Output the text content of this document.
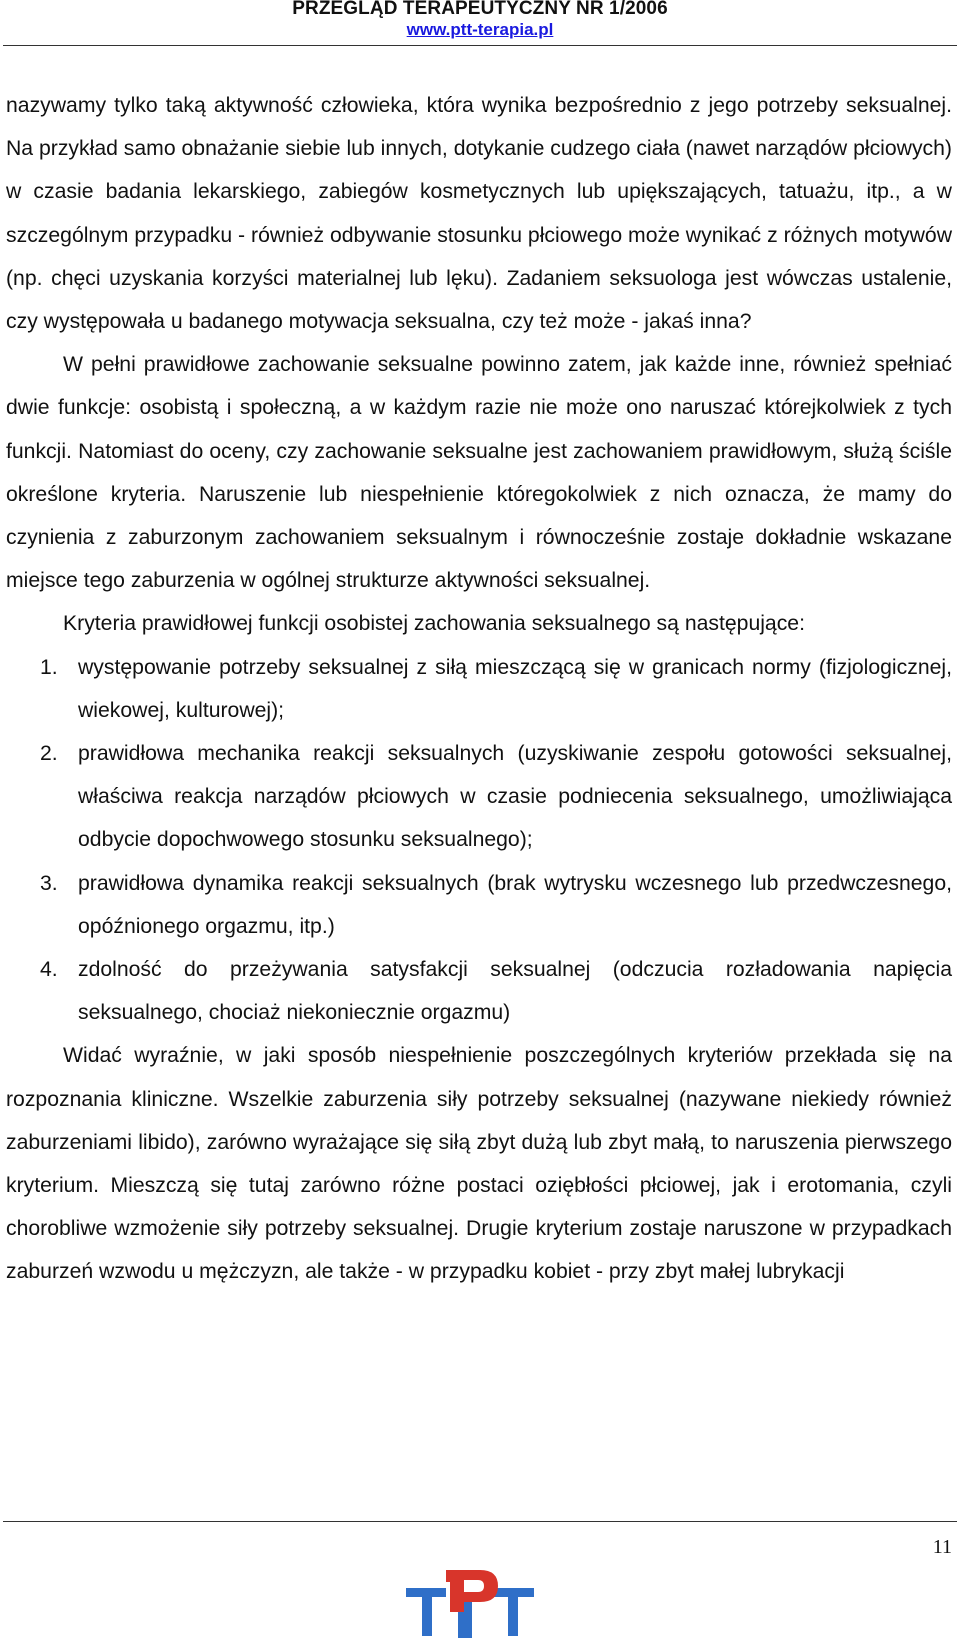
PRZEGLĄD TERAPEUTYCZNY NR 1/2006
www.ptt-terapia.pl

nazywamy tylko taką aktywność człowieka, która wynika bezpośrednio z jego potrzeby seksualnej. Na przykład samo obnażanie siebie lub innych, dotykanie cudzego ciała (nawet narządów płciowych) w czasie badania lekarskiego, zabiegów kosmetycznych lub upiększających, tatuażu, itp., a w szczególnym przypadku - również odbywanie stosunku płciowego może wynikać z różnych motywów (np. chęci uzyskania korzyści materialnej lub lęku). Zadaniem seksuologa jest wówczas ustalenie, czy występowała u badanego motywacja seksualna, czy też może - jakaś inna?

W pełni prawidłowe zachowanie seksualne powinno zatem, jak każde inne, również spełniać dwie funkcje: osobistą i społeczną, a w każdym razie nie może ono naruszać którejkolwiek z tych funkcji. Natomiast do oceny, czy zachowanie seksualne jest zachowaniem prawidłowym, służą ściśle określone kryteria. Naruszenie lub niespełnienie któregokolwiek z nich oznacza, że mamy do czynienia z zaburzonym zachowaniem seksualnym i równocześnie zostaje dokładnie wskazane miejsce tego zaburzenia w ogólnej strukturze aktywności seksualnej.

Kryteria prawidłowej funkcji osobistej zachowania seksualnego są następujące:

1. występowanie potrzeby seksualnej z siłą mieszczącą się w granicach normy (fizjologicznej, wiekowej, kulturowej);
2. prawidłowa mechanika reakcji seksualnych (uzyskiwanie zespołu gotowości seksualnej, właściwa reakcja narządów płciowych w czasie podniecenia seksualnego, umożliwiająca odbycie dopochwowego stosunku seksualnego);
3. prawidłowa dynamika reakcji seksualnych (brak wytrysku wczesnego lub przedwczesnego, opóźnionego orgazmu, itp.)
4. zdolność do przeżywania satysfakcji seksualnej (odczucia rozładowania napięcia seksualnego, chociaż niekoniecznie orgazmu)

Widać wyraźnie, w jaki sposób niespełnienie poszczególnych kryteriów przekłada się na rozpoznania kliniczne. Wszelkie zaburzenia siły potrzeby seksualnej (nazywane niekiedy również zaburzeniami libido), zarówno wyrażające się siłą zbyt dużą lub zbyt małą, to naruszenia pierwszego kryterium. Mieszczą się tutaj zarówno różne postaci oziębłości płciowej, jak i erotomania, czyli chorobliwe wzmożenie siły potrzeby seksualnej. Drugie kryterium zostaje naruszone w przypadkach zaburzeń wzwodu u mężczyzn, ale także - w przypadku kobiet - przy zbyt małej lubrykacji

11
